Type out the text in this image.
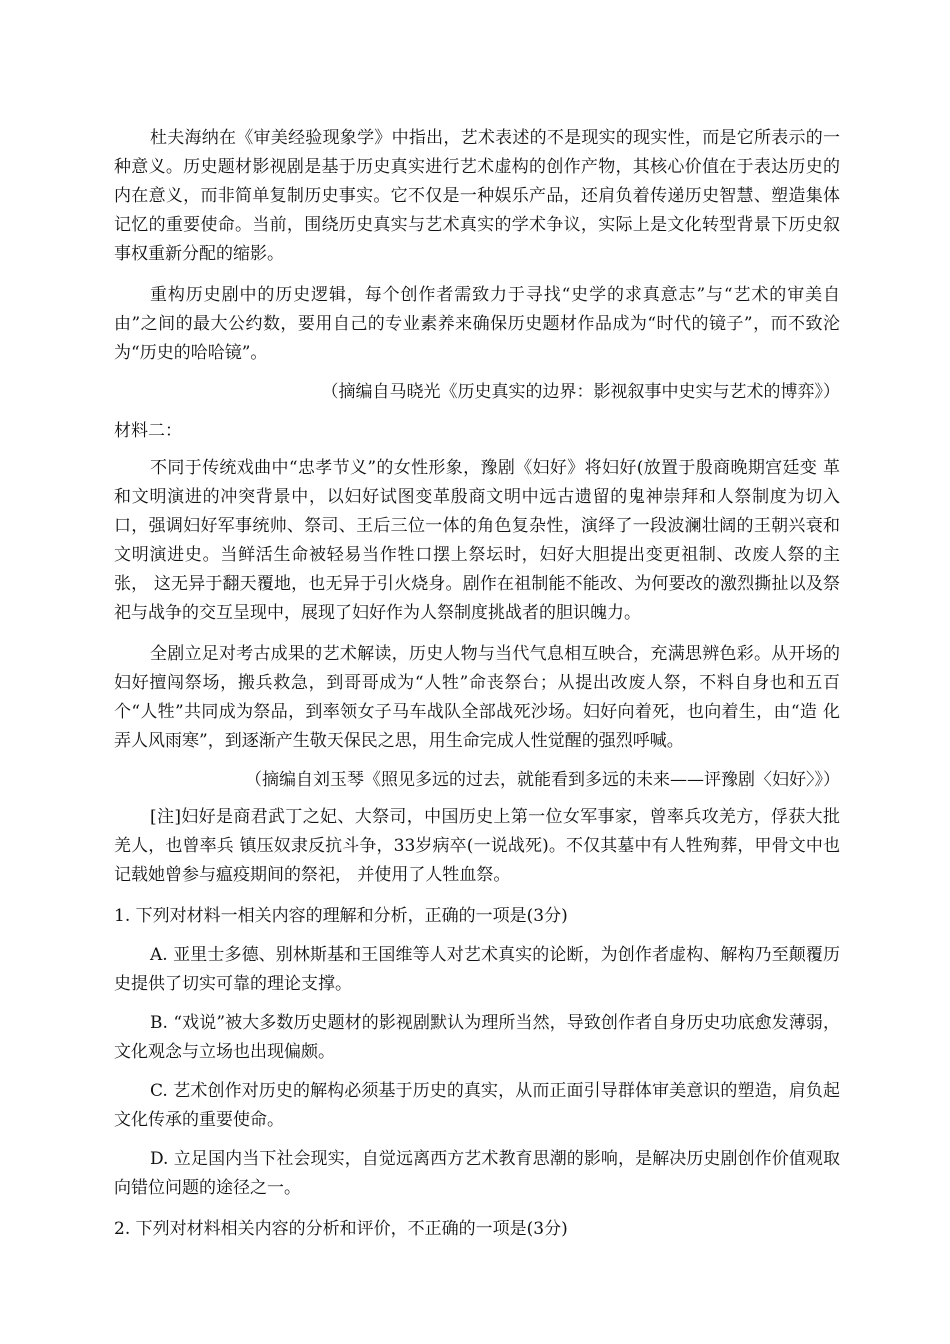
杜夫海纳在《审美经验现象学》中指出，艺术表述的不是现实的现实性，而是它所表示的一 种意义。历史题材影视剧是基于历史真实进行艺术虚构的创作产物，其核心价值在于表达历史的 内在意义，而非简单复制历史事实。它不仅是一种娱乐产品，还肩负着传递历史智慧、塑造集体 记忆的重要使命。当前，围绕历史真实与艺术真实的学术争议，实际上是文化转型背景下历史叙事权重新分配的缩影。

重构历史剧中的历史逻辑，每个创作者需致力于寻找“史学的求真意志”与“艺术的审美自由”之间的最大公约数，要用自己的专业素养来确保历史题材作品成为“时代的镜子”，而不致沦为“历史的哈哈镜”。

（摘编自马晓光《历史真实的边界：影视叙事中史实与艺术的博弈》）

材料二：

不同于传统戏曲中“忠孝节义”的女性形象，豫剧《妇好》将妇好(放置于殷商晚期宫廷变 革和文明演进的冲突背景中，以妇好试图变革殷商文明中远古遗留的鬼神崇拜和人祭制度为切入口，强调妇好军事统帅、祭司、王后三位一体的角色复杂性，演绎了一段波澜壮阔的王朝兴衰和文明演进史。当鲜活生命被轻易当作牲口摆上祭坛时，妇好大胆提出变更祖制、改废人祭的主张， 这无异于翻天覆地，也无异于引火烧身。剧作在祖制能不能改、为何要改的激烈撕扯以及祭祀与战争的交互呈现中，展现了妇好作为人祭制度挑战者的胆识魄力。

全剧立足对考古成果的艺术解读，历史人物与当代气息相互映合，充满思辨色彩。从开场的 妇好擅闯祭场，搬兵救急，到哥哥成为“人牲”命丧祭台；从提出改废人祭，不料自身也和五百个“人牲”共同成为祭品，到率领女子马车战队全部战死沙场。妇好向着死，也向着生，由“造 化弄人风雨寒”，到逐渐产生敬天保民之思，用生命完成人性觉醒的强烈呼喊。

（摘编自刘玉琴《照见多远的过去，就能看到多远的未来——评豫剧〈妇好〉》）

[注]妇好是商君武丁之妃、大祭司，中国历史上第一位女军事家，曾率兵攻羌方，俘获大批羌人，也曾率兵 镇压奴隶反抗斗争，33岁病卒(一说战死)。不仅其墓中有人牲殉葬，甲骨文中也记载她曾参与瘟疫期间的祭祀， 并使用了人牲血祭。

1. 下列对材料一相关内容的理解和分析，正确的一项是(3分)

A. 亚里士多德、别林斯基和王国维等人对艺术真实的论断，为创作者虚构、解构乃至颠覆历 史提供了切实可靠的理论支撑。

B. “戏说”被大多数历史题材的影视剧默认为理所当然，导致创作者自身历史功底愈发薄弱， 文化观念与立场也出现偏颇。

C. 艺术创作对历史的解构必须基于历史的真实，从而正面引导群体审美意识的塑造，肩负起 文化传承的重要使命。

D. 立足国内当下社会现实，自觉远离西方艺术教育思潮的影响，是解决历史剧创作价值观取 向错位问题的途径之一。

2. 下列对材料相关内容的分析和评价，不正确的一项是(3分)
